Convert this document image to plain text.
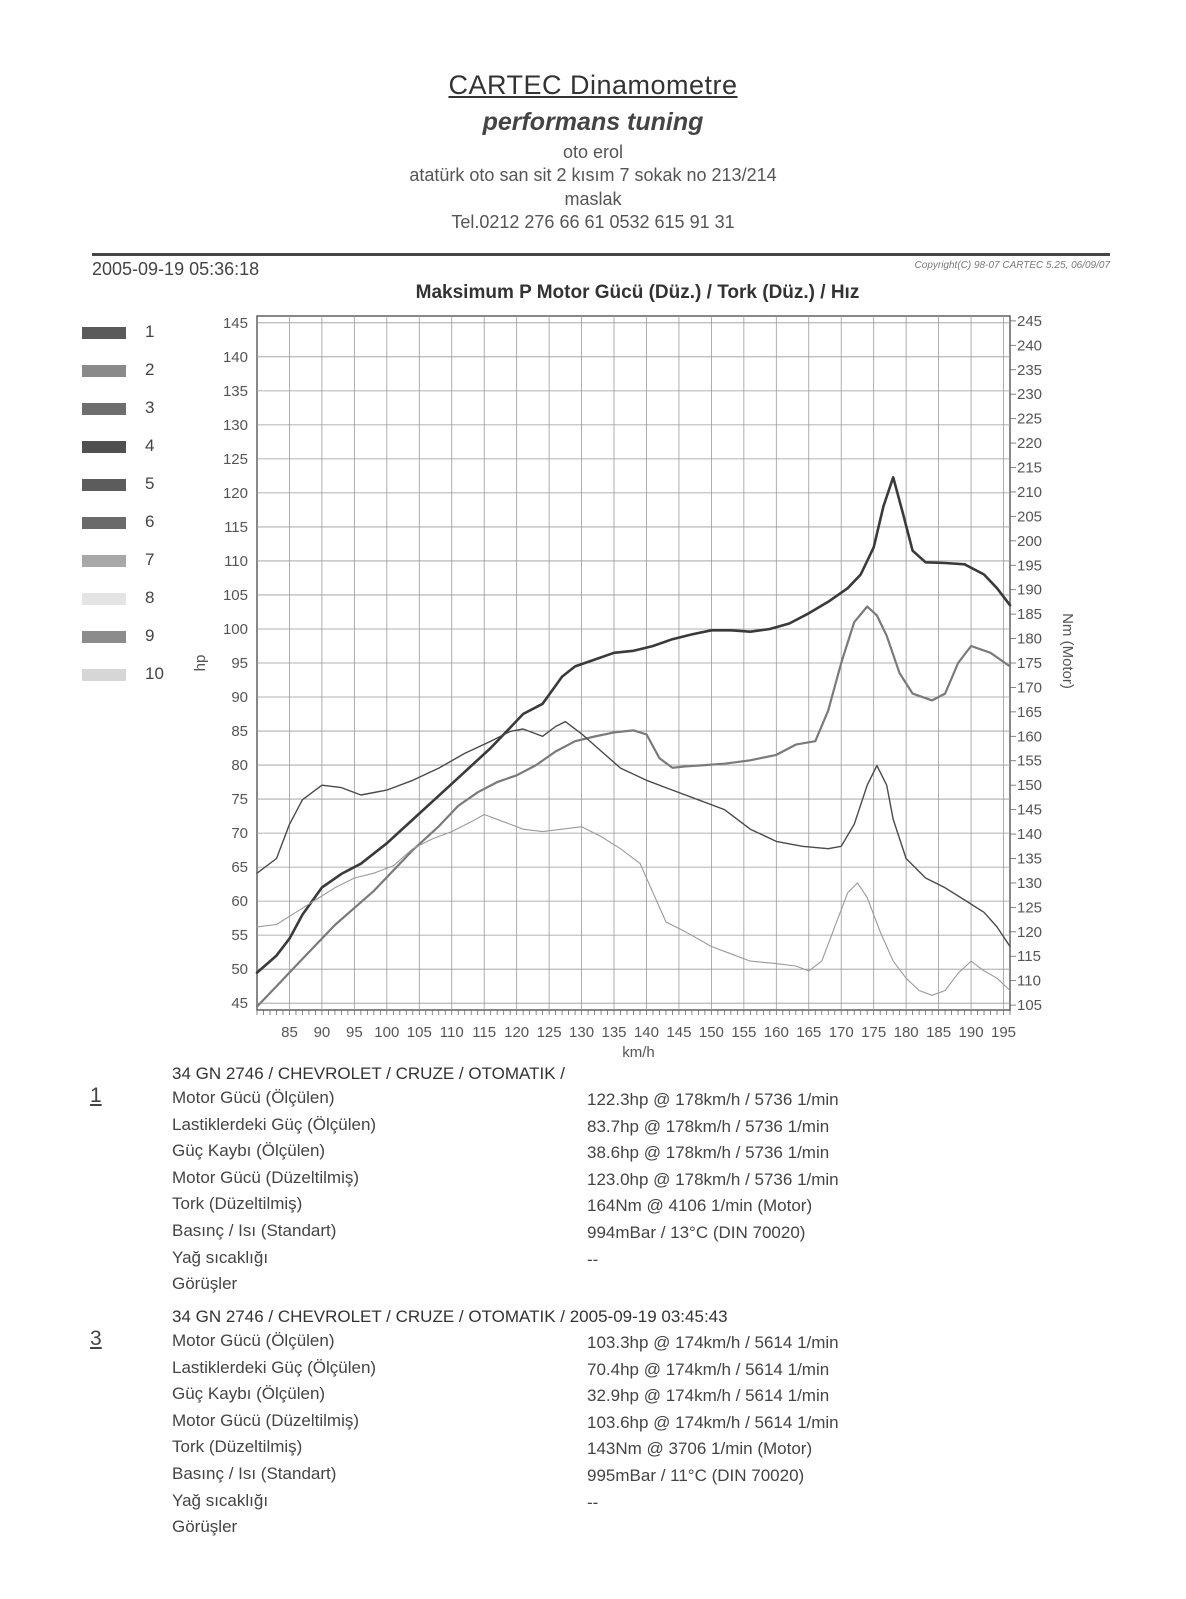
CARTEC Dinamometre
performans tuning
oto erol
atatürk oto san sit 2 kısım 7 sokak no 213/214
maslak
Tel.0212 276 66 61 0532 615 91 31
2005-09-19 05:36:18	Copyright(C) 98-07 CARTEC 5.25, 06/09/07
Maksimum P Motor Gücü (Düz.) / Tork (Düz.) / Hız
1
2
3
4
5
6
7
8
9
10
85 90 95 100 105 110 115 120 125 130 135 140 145 150 155 160 165 170 175 180 185 190 195
45
50
55
60
65
70
75
80
85
90
95
100
105
110
115
120
125
130
135
140
145
105
110
115
120
125
130
135
140
145
150
155
160
165
170
175
180
185
190
195
200
205
210
215
220
225
230
235
240
245
km/h
hp	Nm (Motor)
1
34 GN 2746 / CHEVROLET / CRUZE / OTOMATIK /
Motor Gücü (Ölçülen)	122.3hp @ 178km/h / 5736 1/min
Lastiklerdeki Güç (Ölçülen)	83.7hp @ 178km/h / 5736 1/min
Güç Kaybı (Ölçülen)	38.6hp @ 178km/h / 5736 1/min
Motor Gücü (Düzeltilmiş)	123.0hp @ 178km/h / 5736 1/min
Tork (Düzeltilmiş)	164Nm @ 4106 1/min (Motor)
Basınç / Isı (Standart)	994mBar / 13°C (DIN 70020)
Yağ sıcaklığı	--
Görüşler
3
34 GN 2746 / CHEVROLET / CRUZE / OTOMATIK / 2005-09-19 03:45:43
Motor Gücü (Ölçülen)	103.3hp @ 174km/h / 5614 1/min
Lastiklerdeki Güç (Ölçülen)	70.4hp @ 174km/h / 5614 1/min
Güç Kaybı (Ölçülen)	32.9hp @ 174km/h / 5614 1/min
Motor Gücü (Düzeltilmiş)	103.6hp @ 174km/h / 5614 1/min
Tork (Düzeltilmiş)	143Nm @ 3706 1/min (Motor)
Basınç / Isı (Standart)	995mBar / 11°C (DIN 70020)
Yağ sıcaklığı	--
Görüşler
